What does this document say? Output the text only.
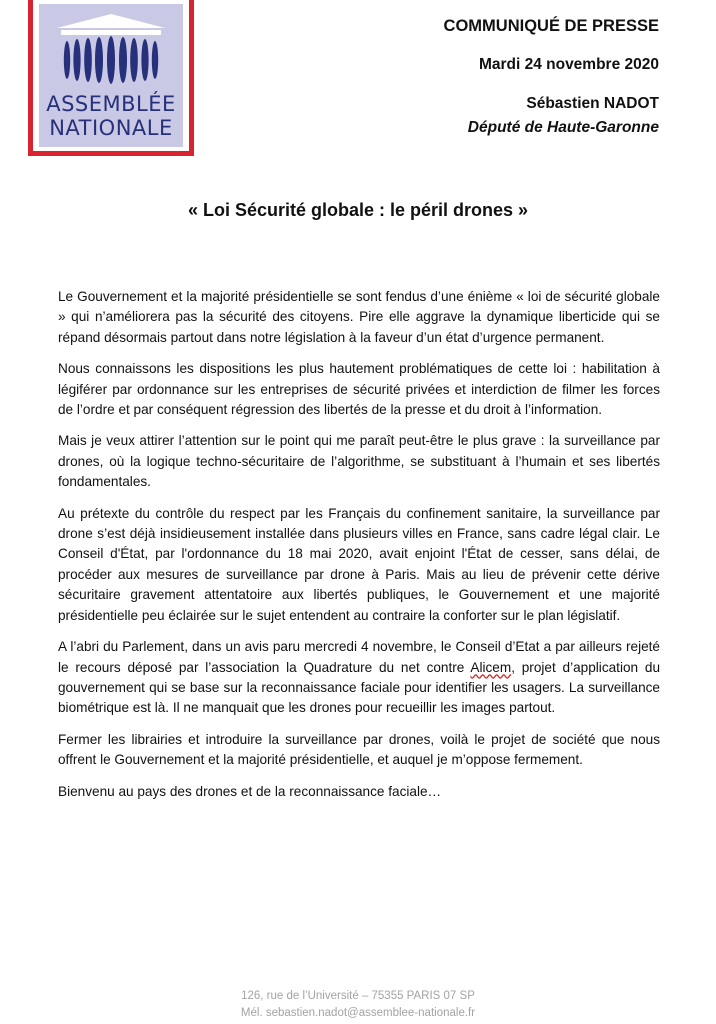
ASSEMBLÉE
NATIONALE
COMMUNIQUÉ DE PRESSE
Mardi 24 novembre 2020
Sébastien NADOT
Député de Haute-Garonne
« Loi Sécurité globale : le péril drones »

Le Gouvernement et la majorité présidentielle se sont fendus d’une énième « loi de sécurité globale » qui n’améliorera pas la sécurité des citoyens. Pire elle aggrave la dynamique liberticide qui se répand désormais partout dans notre législation à la faveur d’un état d’urgence permanent.

Nous connaissons les dispositions les plus hautement problématiques de cette loi : habilitation à légiférer par ordonnance sur les entreprises de sécurité privées et interdiction de filmer les forces de l’ordre et par conséquent régression des libertés de la presse et du droit à l’information.

Mais je veux attirer l’attention sur le point qui me paraît peut-être le plus grave : la surveillance par drones, où la logique techno-sécuritaire de l’algorithme, se substituant à l’humain et ses libertés fondamentales.

Au prétexte du contrôle du respect par les Français du confinement sanitaire, la surveillance par drone s’est déjà insidieusement installée dans plusieurs villes en France, sans cadre légal clair. Le Conseil d'État, par l'ordonnance du 18 mai 2020, avait enjoint l'État de cesser, sans délai, de procéder aux mesures de surveillance par drone à Paris. Mais au lieu de prévenir cette dérive sécuritaire gravement attentatoire aux libertés publiques, le Gouvernement et une majorité présidentielle peu éclairée sur le sujet entendent au contraire la conforter sur le plan législatif.

A l’abri du Parlement, dans un avis paru mercredi 4 novembre, le Conseil d’Etat a par ailleurs rejeté le recours déposé par l’association la Quadrature du net contre Alicem, projet d’application du gouvernement qui se base sur la reconnaissance faciale pour identifier les usagers. La surveillance biométrique est là. Il ne manquait que les drones pour recueillir les images partout.

Fermer les librairies et introduire la surveillance par drones, voilà le projet de société que nous offrent le Gouvernement et la majorité présidentielle, et auquel je m’oppose fermement.

Bienvenu au pays des drones et de la reconnaissance faciale…

126, rue de l’Université – 75355 PARIS 07 SP
Mél. sebastien.nadot@assemblee-nationale.fr
